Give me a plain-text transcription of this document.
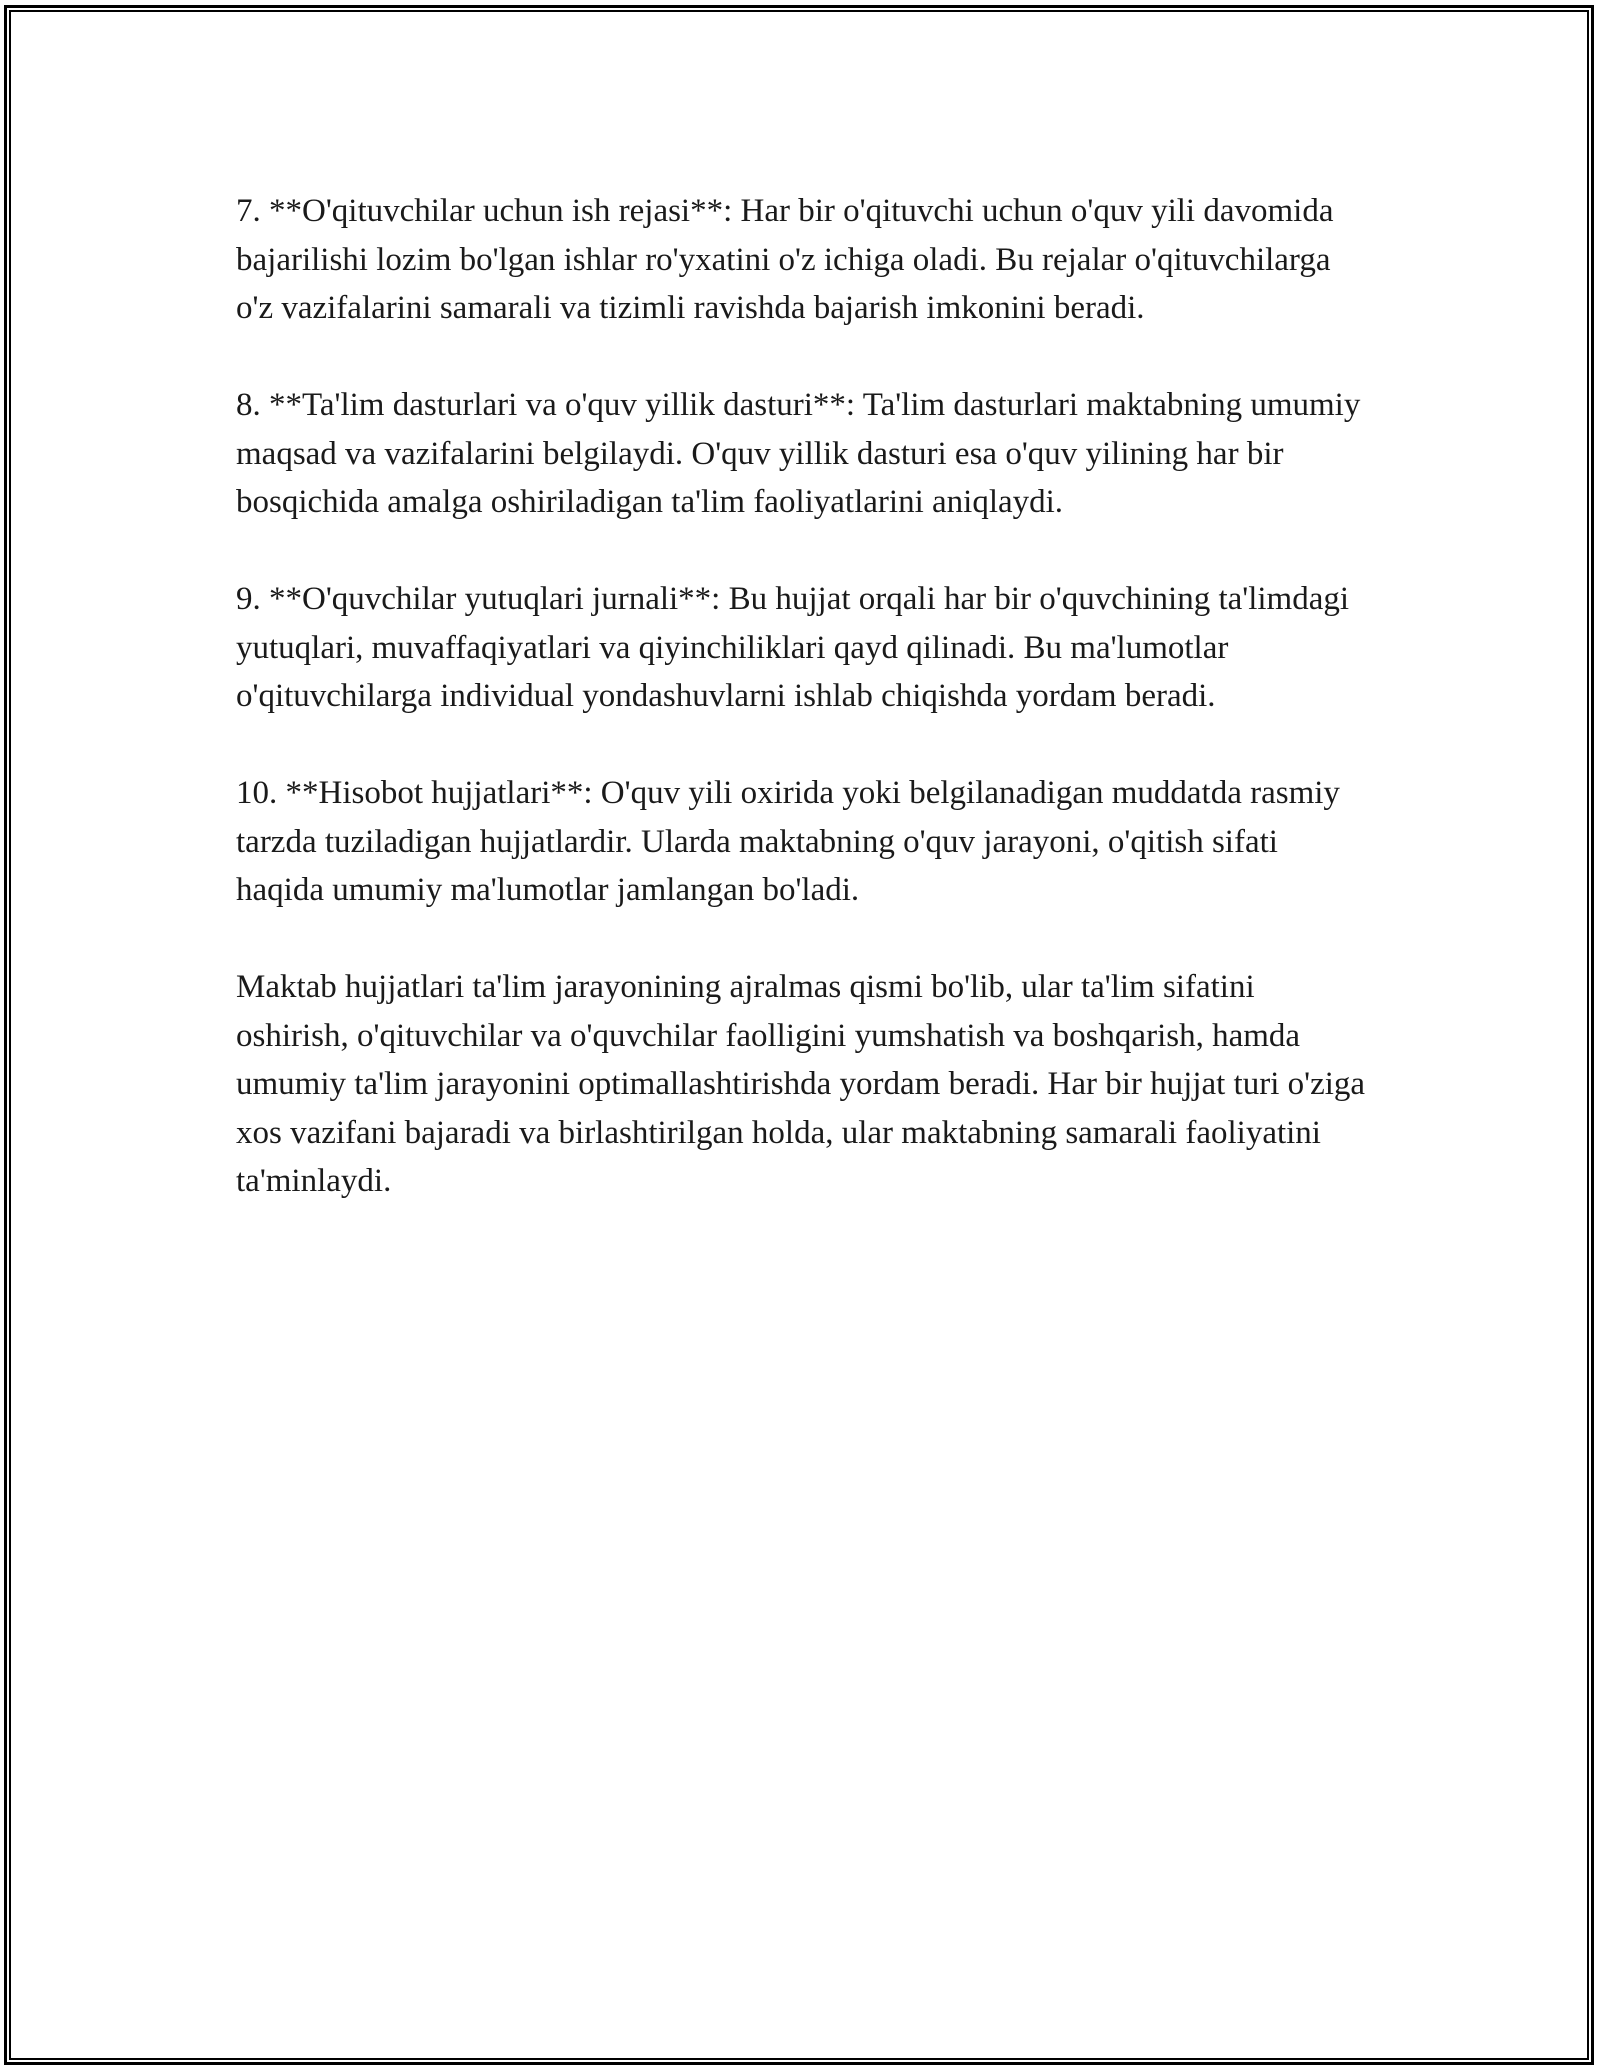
7. **O'qituvchilar uchun ish rejasi**: Har bir o'qituvchi uchun o'quv yili davomida bajarilishi lozim bo'lgan ishlar ro'yxatini o'z ichiga oladi. Bu rejalar o'qituvchilarga o'z vazifalarini samarali va tizimli ravishda bajarish imkonini beradi.

8. **Ta'lim dasturlari va o'quv yillik dasturi**: Ta'lim dasturlari maktabning umumiy maqsad va vazifalarini belgilaydi. O'quv yillik dasturi esa o'quv yilining har bir bosqichida amalga oshiriladigan ta'lim faoliyatlarini aniqlaydi.

9. **O'quvchilar yutuqlari jurnali**: Bu hujjat orqali har bir o'quvchining ta'limdagi yutuqlari, muvaffaqiyatlari va qiyinchiliklari qayd qilinadi. Bu ma'lumotlar o'qituvchilarga individual yondashuvlarni ishlab chiqishda yordam beradi.

10. **Hisobot hujjatlari**: O'quv yili oxirida yoki belgilanadigan muddatda rasmiy tarzda tuziladigan hujjatlardir. Ularda maktabning o'quv jarayoni, o'qitish sifati haqida umumiy ma'lumotlar jamlangan bo'ladi.

Maktab hujjatlari ta'lim jarayonining ajralmas qismi bo'lib, ular ta'lim sifatini oshirish, o'qituvchilar va o'quvchilar faolligini yumshatish va boshqarish, hamda umumiy ta'lim jarayonini optimallashtirishda yordam beradi. Har bir hujjat turi o'ziga xos vazifani bajaradi va birlashtirilgan holda, ular maktabning samarali faoliyatini ta'minlaydi.
